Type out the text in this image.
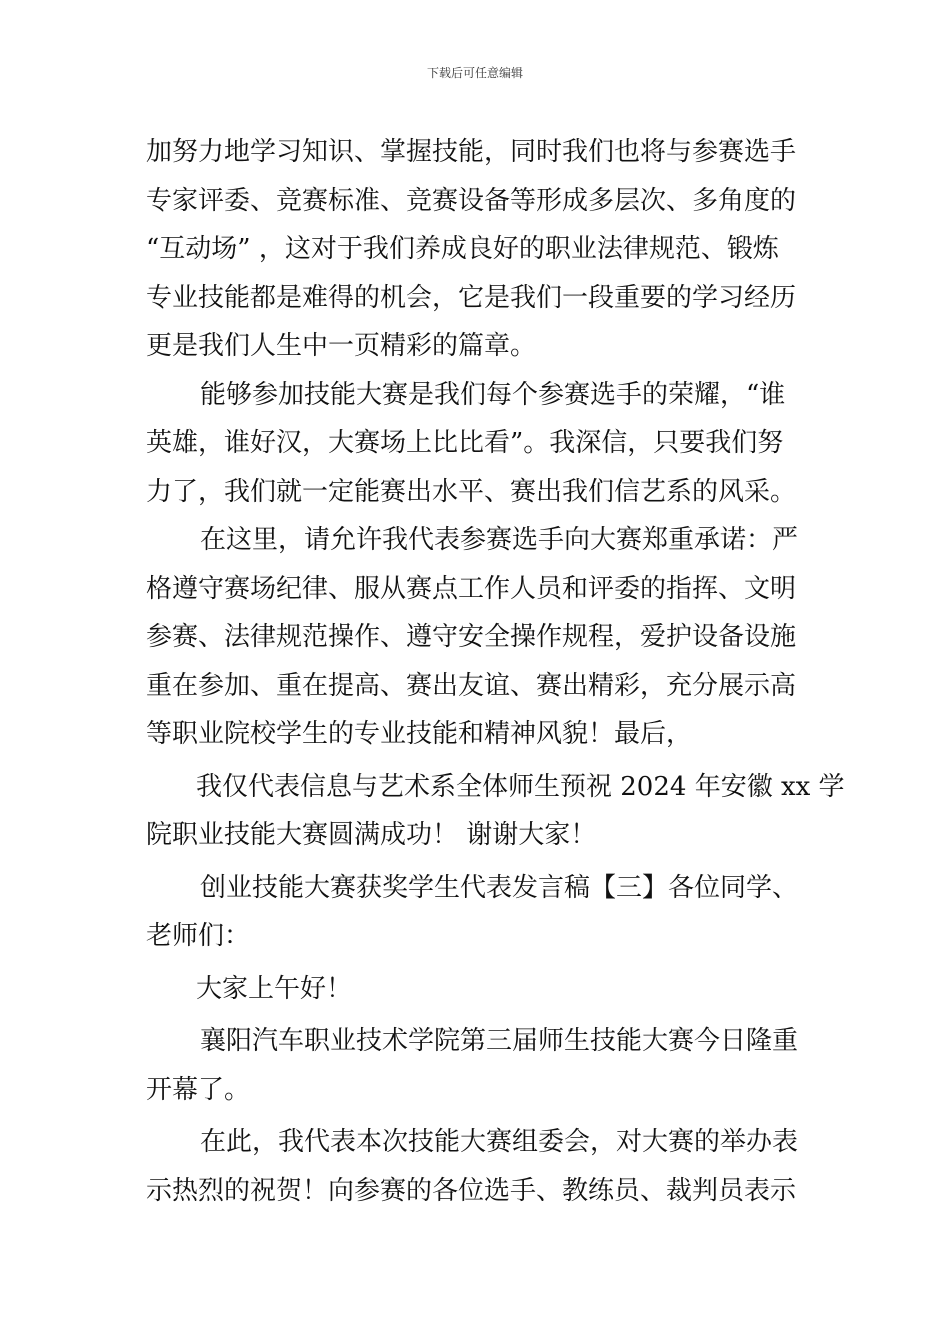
下载后可任意编辑
加努力地学习知识、掌握技能，同时我们也将与参赛选手
专家评委、竞赛标准、竞赛设备等形成多层次、多角度的
“互动场” ，这对于我们养成良好的职业法律规范、锻炼
专业技能都是难得的机会，它是我们一段重要的学习经历
更是我们人生中一页精彩的篇章。
能够参加技能大赛是我们每个参赛选手的荣耀，“谁
英雄，谁好汉，大赛场上比比看”。我深信，只要我们努
力了，我们就一定能赛出水平、赛出我们信艺系的风采。
在这里，请允许我代表参赛选手向大赛郑重承诺：严
格遵守赛场纪律、服从赛点工作人员和评委的指挥、文明
参赛、法律规范操作、遵守安全操作规程，爱护设备设施
重在参加、重在提高、赛出友谊、赛出精彩，充分展示高
等职业院校学生的专业技能和精神风貌！最后，
我仅代表信息与艺术系全体师生预祝 2024 年安徽 xx 学
院职业技能大赛圆满成功！ 谢谢大家！
创业技能大赛获奖学生代表发言稿【三】各位同学、
老师们：
大家上午好！
襄阳汽车职业技术学院第三届师生技能大赛今日隆重
开幕了。
在此，我代表本次技能大赛组委会，对大赛的举办表
示热烈的祝贺！向参赛的各位选手、教练员、裁判员表示
